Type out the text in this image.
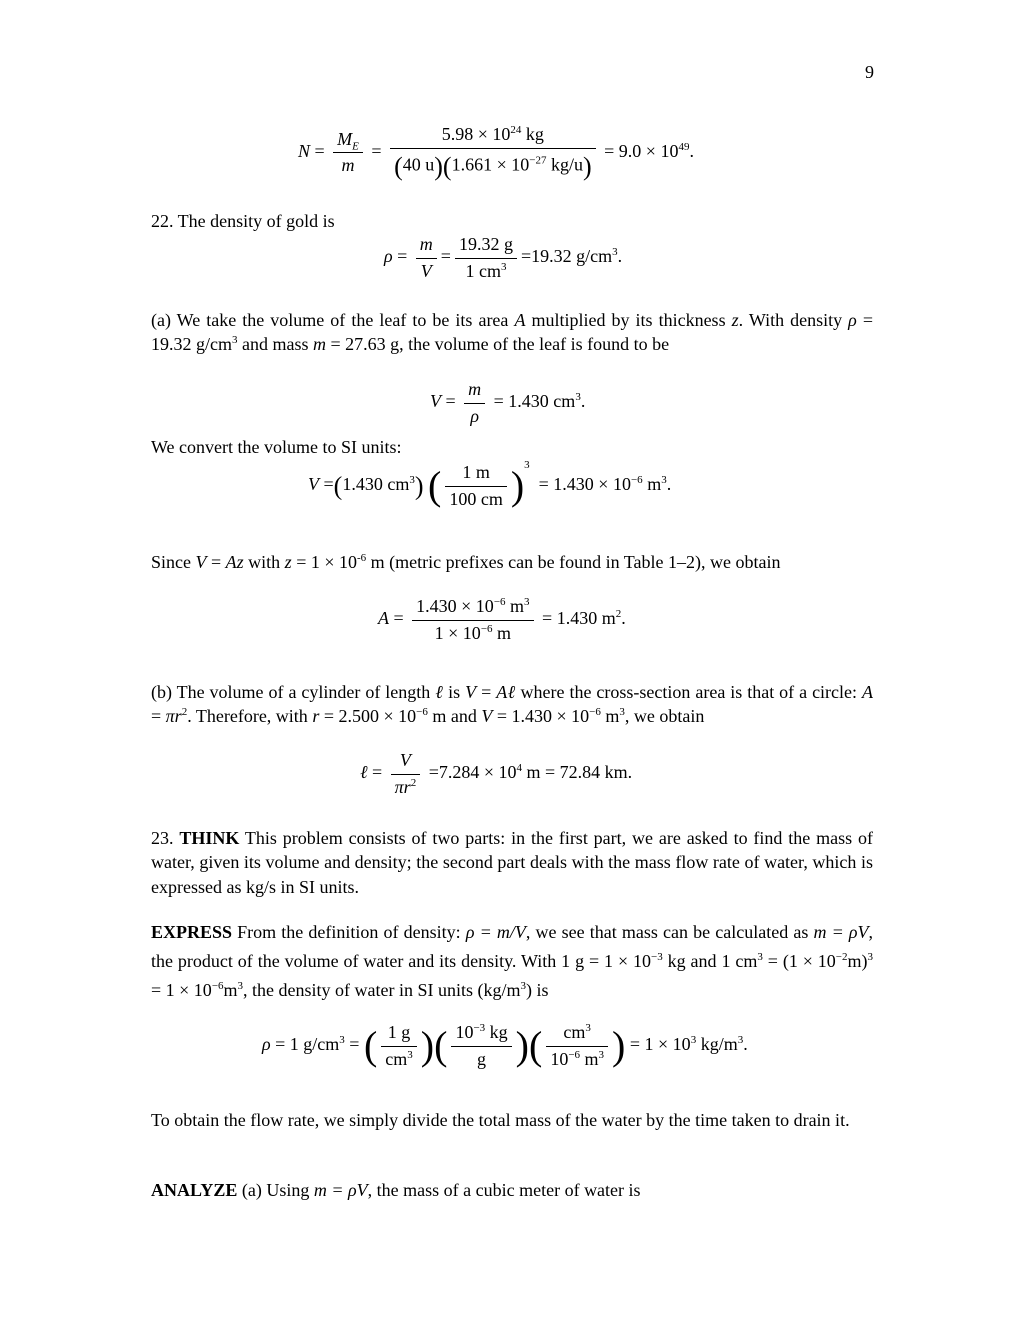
9
$N = \frac{M_E}{m} = \frac{5.98 \times 10^{24} kg}{(40 u)(1.661 \times 10^{-27} kg/u)} = 9.0 \times 10^{49}$.
22. The density of gold is
$\rho = \frac{m}{V} = \frac{19.32 g}{1 cm^3} =19.32$ $g/cm^3$.
(a) We take the volume of the leaf to be its area A multiplied by its thickness z. With density ρ = 19.32 $g/cm^3$ and mass m = 27.63 g, the volume of the leaf is found to be
$V = \frac{m}{\rho} = 1.430$ $cm^3$.
We convert the volume to SI units:
V =(1.430 $cm^3$) ( $\frac{1 m}{100 cm} )^3 = 1.430 \times 10^{-6}$ $m^3$.
Since V = Az with $z = 1 \times 10^{-6}$ m (metric prefixes can be found in Table 1–2), we obtain
$A = \frac{1.430 \times 10^{-6} m^3}{1 \times 10^{-6} m} = 1.430$ $m^2$.
(b) The volume of a cylinder of length ℓ is V = Aℓ where the cross-section area is that of a circle: $A = \pi r^2$. Therefore, with $r = 2.500 \times 10^{-6}$ m and $V = 1.430 \times 10^{-6}$ $m^3$, we obtain
ℓ = $\frac{V}{\pi r^2} =7.284 \times 10^4$ m = 72.84 km.
23. THINK This problem consists of two parts: in the first part, we are asked to find the mass of water, given its volume and density; the second part deals with the mass flow rate of water, which is expressed as kg/s in SI units.
EXPRESS From the definition of density: ρ = m/V, we see that mass can be calculated as m = ρV, the product of the volume of water and its density. With 1 $g = 1 \times 10^{-3}$ kg and 1 $cm^3 = (1 \times 10^{-2}m)^3 = 1 \times 10^{-6}m^3$, the density of water in SI units $(kg/m^3)$ is
ρ = 1 $g/cm^3$ = ( $\frac{1 g}{cm^3}$ )( $\frac{10^{-3} kg}{g}$ )( $\frac{cm^3}{10^{-6} m^3}$ ) = $1 \times 10^3$ $kg/m^3$.
To obtain the flow rate, we simply divide the total mass of the water by the time taken to drain it.
ANALYZE (a) Using m = ρV, the mass of a cubic meter of water is
